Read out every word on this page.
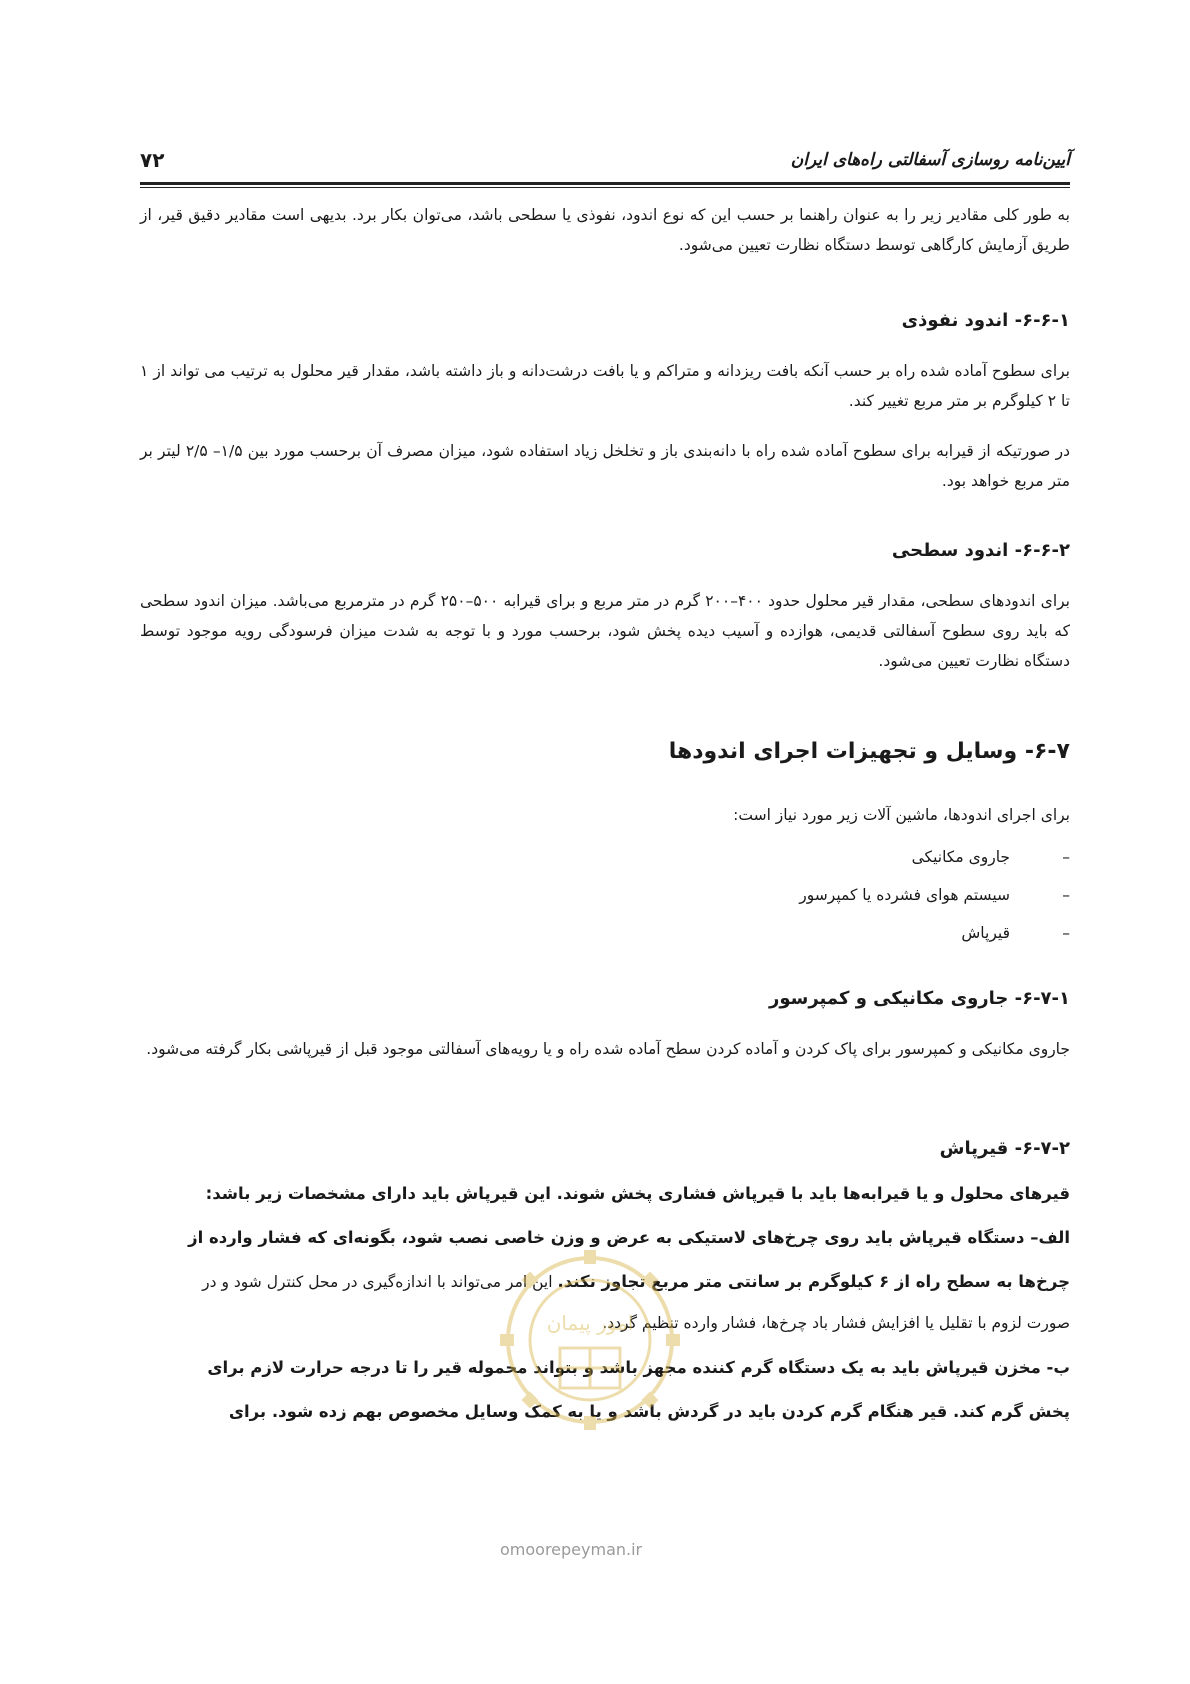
آیین‌نامه روسازی آسفالتی راه‌های ایران
۷۲
به طور کلی مقادیر زیر را به عنوان راهنما بر حسب این که نوع اندود، نفوذی یا سطحی باشد، می‌توان بکار برد. بدیهی است مقادیر دقیق قیر، از طریق آزمایش کارگاهی توسط دستگاه نظارت تعیین می‌شود.
۶-۶-۱- اندود نفوذی
برای سطوح آماده شده راه بر حسب آنکه بافت ریزدانه و متراکم و یا بافت درشت‌دانه و باز داشته باشد، مقدار قیر محلول به ترتیب می تواند از ۱ تا ۲ کیلوگرم بر متر مربع تغییر کند.
در صورتیکه از قیرابه برای سطوح آماده شده راه با دانه‌بندی باز و تخلخل زیاد استفاده شود، میزان مصرف آن برحسب مورد بین ۱/۵– ۲/۵ لیتر بر متر مربع خواهد بود.
۶-۶-۲- اندود سطحی
برای اندودهای سطحی، مقدار قیر محلول حدود ۴۰۰–۲۰۰ گرم در متر مربع و برای قیرابه ۵۰۰–۲۵۰ گرم در مترمربع می‌باشد. میزان اندود سطحی که باید روی سطوح آسفالتی قدیمی، هوازده و آسیب دیده پخش شود، برحسب مورد و با توجه به شدت میزان فرسودگی رویه موجود توسط دستگاه نظارت تعیین می‌شود.
۶-۷- وسایل و تجهیزات اجرای اندودها
برای اجرای اندودها، ماشین آلات زیر مورد نیاز است:
–
جاروی مکانیکی
–
سیستم هوای فشرده یا کمپرسور
–
قیرپاش
۶-۷-۱- جاروی مکانیکی و کمپرسور
جاروی مکانیکی و کمپرسور برای پاک کردن و آماده کردن سطح آماده شده راه و یا رویه‌های آسفالتی موجود قبل از قیرپاشی بکار گرفته می‌شود.
۶-۷-۲- قیرپاش
قیرهای محلول و یا قیرابه‌ها باید با قیرپاش فشاری پخش شوند. این قیرپاش باید دارای مشخصات زیر باشد:
الف– دستگاه قیرپاش باید روی چرخ‌های لاستیکی به عرض و وزن خاصی نصب شود، بگونه‌ای که فشار وارده از
چرخ‌ها به سطح راه از ۶ کیلوگرم بر سانتی متر مربع تجاوز نکند. این امر می‌تواند با اندازه‌گیری در محل کنترل شود و در
صورت لزوم با تقلیل یا افزایش فشار باد چرخ‌ها، فشار وارده تنظیم گردد.
ب- مخزن قیرپاش باید به یک دستگاه گرم کننده مجهز باشد و بتواند محموله قیر را تا درجه حرارت لازم برای
پخش گرم کند. قیر هنگام گرم کردن باید در گردش باشد و یا به کمک وسایل مخصوص بهم زده شود. برای
امور پیمان
omoorepeyman.ir
